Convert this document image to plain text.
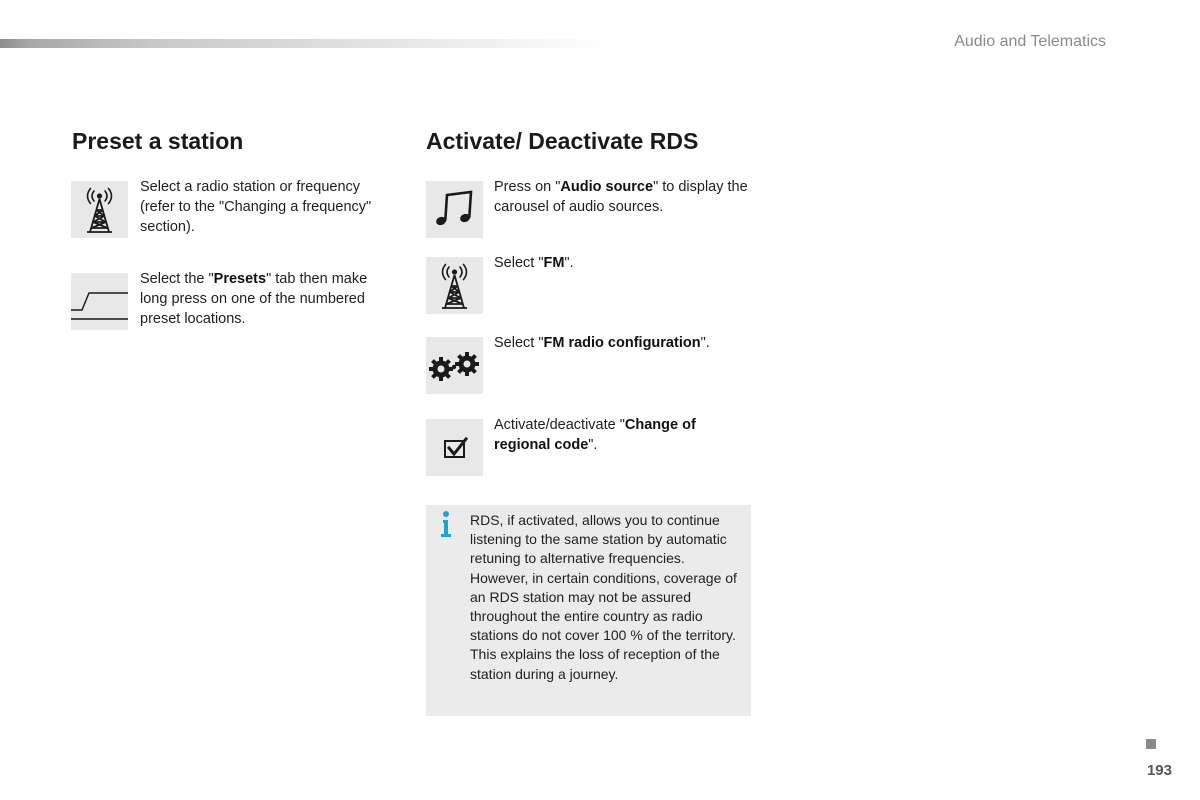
Audio and Telematics
Preset a station
Select a radio station or frequency (refer to the "Changing a frequency" section).
Select the "Presets" tab then make long press on one of the numbered preset locations.
Activate/ Deactivate RDS
Press on "Audio source" to display the carousel of audio sources.
Select "FM".
Select "FM radio configuration".
Activate/deactivate "Change of regional code".
RDS, if activated, allows you to continue listening to the same station by automatic retuning to alternative frequencies. However, in certain conditions, coverage of an RDS station may not be assured throughout the entire country as radio stations do not cover 100 % of the territory. This explains the loss of reception of the station during a journey.
193
